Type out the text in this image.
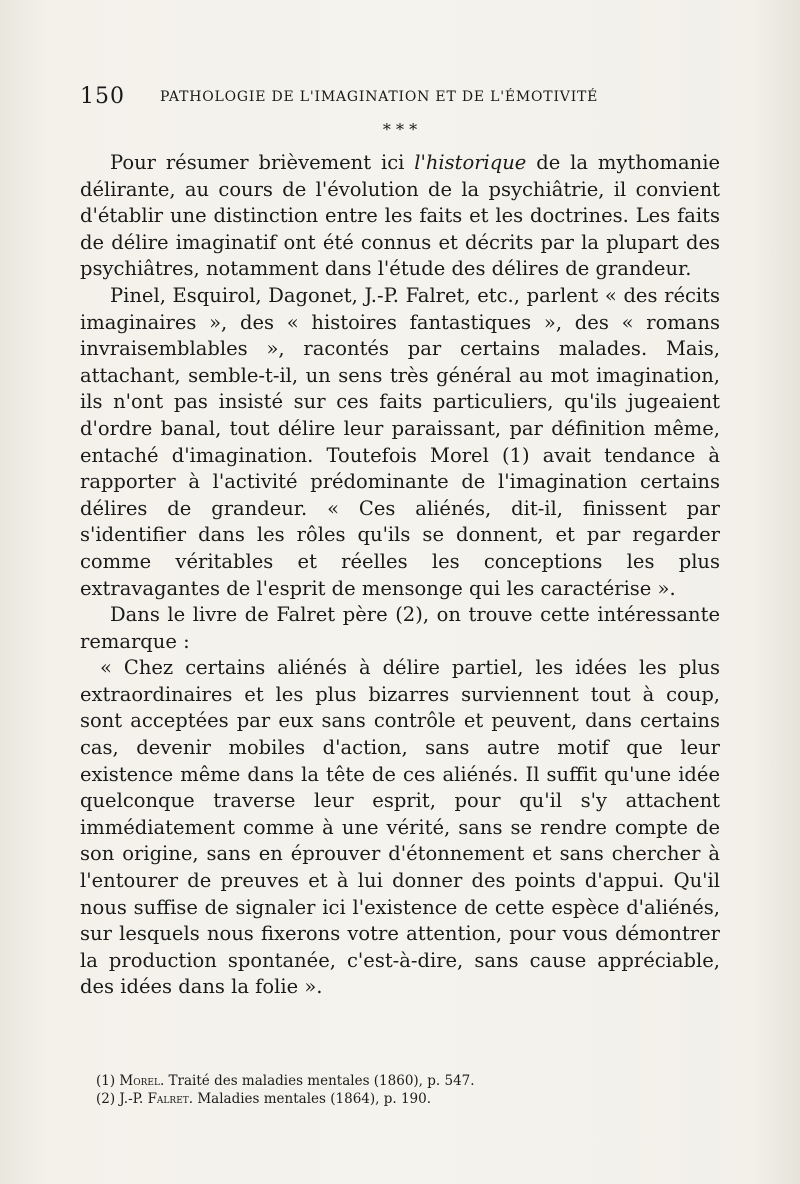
150	PATHOLOGIE DE L'IMAGINATION ET DE L'ÉMOTIVITÉ
* * *

Pour résumer brièvement ici l'historique de la mythomanie délirante, au cours de l'évolution de la psychiâtrie, il convient d'établir une distinction entre les faits et les doctrines. Les faits de délire imaginatif ont été connus et décrits par la plupart des psychiâtres, notamment dans l'étude des délires de grandeur.

Pinel, Esquirol, Dagonet, J.-P. Falret, etc., parlent « des récits imaginaires », des « histoires fantastiques », des « romans invraisemblables », racontés par certains malades. Mais, attachant, semble-t-il, un sens très général au mot imagination, ils n'ont pas insisté sur ces faits particuliers, qu'ils jugeaient d'ordre banal, tout délire leur paraissant, par définition même, entaché d'imagination. Toutefois Morel (1) avait tendance à rapporter à l'activité prédominante de l'imagination certains délires de grandeur. « Ces aliénés, dit-il, finissent par s'identifier dans les rôles qu'ils se donnent, et par regarder comme véritables et réelles les conceptions les plus extravagantes de l'esprit de mensonge qui les caractérise ».

Dans le livre de Falret père (2), on trouve cette intéressante remarque :

« Chez certains aliénés à délire partiel, les idées les plus extraordinaires et les plus bizarres surviennent tout à coup, sont acceptées par eux sans contrôle et peuvent, dans certains cas, devenir mobiles d'action, sans autre motif que leur existence même dans la tête de ces aliénés. Il suffit qu'une idée quelconque traverse leur esprit, pour qu'il s'y attachent immédiatement comme à une vérité, sans se rendre compte de son origine, sans en éprouver d'étonnement et sans chercher à l'entourer de preuves et à lui donner des points d'appui. Qu'il nous suffise de signaler ici l'existence de cette espèce d'aliénés, sur lesquels nous fixerons votre attention, pour vous démontrer la production spontanée, c'est-à-dire, sans cause appréciable, des idées dans la folie ».

(1) Morel. Traité des maladies mentales (1860), p. 547.

(2) J.-P. Falret. Maladies mentales (1864), p. 190.
